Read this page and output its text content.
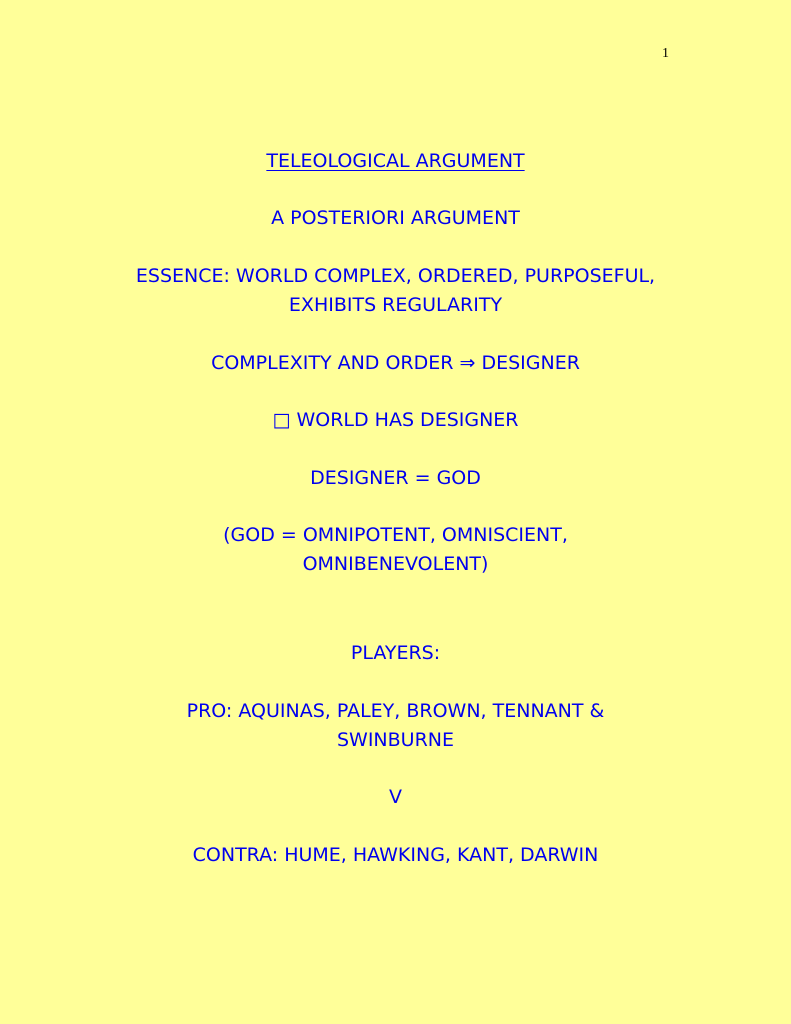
1
TELEOLOGICAL ARGUMENT
A POSTERIORI ARGUMENT
ESSENCE: WORLD COMPLEX, ORDERED, PURPOSEFUL,
EXHIBITS REGULARITY
COMPLEXITY AND ORDER ⇒ DESIGNER
□ WORLD HAS DESIGNER
DESIGNER = GOD
(GOD = OMNIPOTENT, OMNISCIENT,
OMNIBENEVOLENT)
PLAYERS:
PRO: AQUINAS, PALEY, BROWN, TENNANT &
SWINBURNE
V
CONTRA: HUME, HAWKING, KANT, DARWIN
